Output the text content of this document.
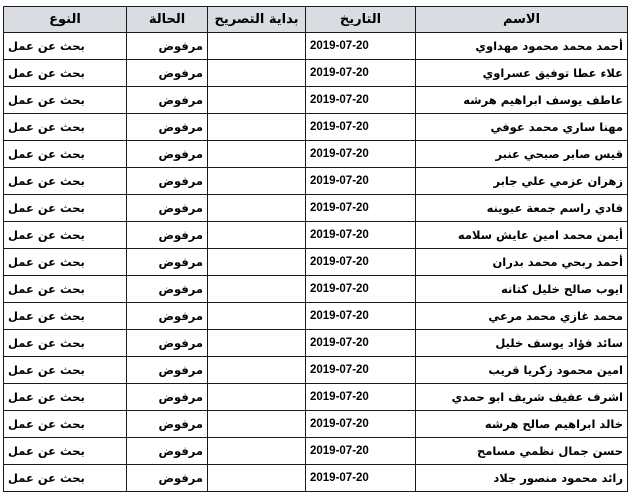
الاسم	التاريخ	بداية التصريح	الحالة	النوع
أحمد محمد محمود مهداوي	2019-07-20		مرفوض	بحث عن عمل
علاء عطا توفيق عسراوي	2019-07-20		مرفوض	بحث عن عمل
عاطف يوسف ابراهيم هرشه	2019-07-20		مرفوض	بحث عن عمل
مهنا ساري محمد عوفي	2019-07-20		مرفوض	بحث عن عمل
قيس صابر صبحي عنبر	2019-07-20		مرفوض	بحث عن عمل
زهران عزمي علي جابر	2019-07-20		مرفوض	بحث عن عمل
فادي راسم جمعة عبوينه	2019-07-20		مرفوض	بحث عن عمل
أيمن محمد امين عايش سلامه	2019-07-20		مرفوض	بحث عن عمل
أحمد ربحي محمد بدران	2019-07-20		مرفوض	بحث عن عمل
ايوب صالح خليل كتانه	2019-07-20		مرفوض	بحث عن عمل
محمد غازي محمد مرعي	2019-07-20		مرفوض	بحث عن عمل
سائد فؤاد يوسف خليل	2019-07-20		مرفوض	بحث عن عمل
امين محمود زكريا قريب	2019-07-20		مرفوض	بحث عن عمل
اشرف عفيف شريف ابو حمدي	2019-07-20		مرفوض	بحث عن عمل
خالد ابراهيم صالح هرشه	2019-07-20		مرفوض	بحث عن عمل
حسن جمال نظمي مسامح	2019-07-20		مرفوض	بحث عن عمل
رائد محمود منصور جلاد	2019-07-20		مرفوض	بحث عن عمل
